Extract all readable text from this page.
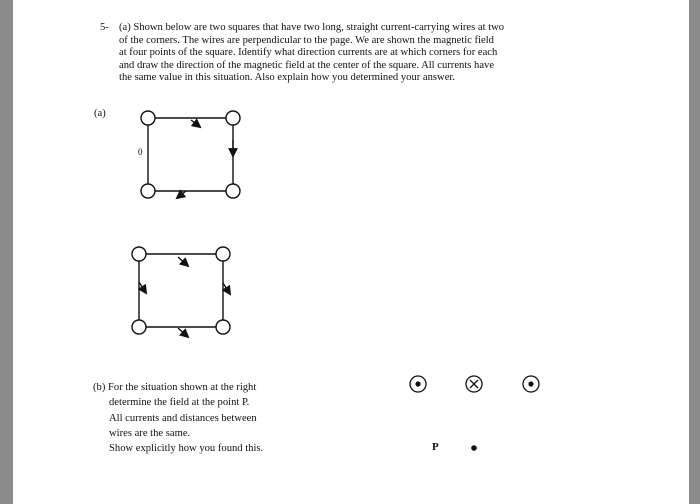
5- (a) Shown below are two squares that have two long, straight current-carrying wires at two
of the corners. The wires are perpendicular to the page. We are shown the magnetic field
at four points of the square. Identify what direction currents are at which corners for each
and draw the direction of the magnetic field at the center of the square. All currents have
the same value in this situation. Also explain how you determined your answer.
(a)
0
(b) For the situation shown at the right
determine the field at the point P.
All currents and distances between
wires are the same.
Show explicitly how you found this.	P
